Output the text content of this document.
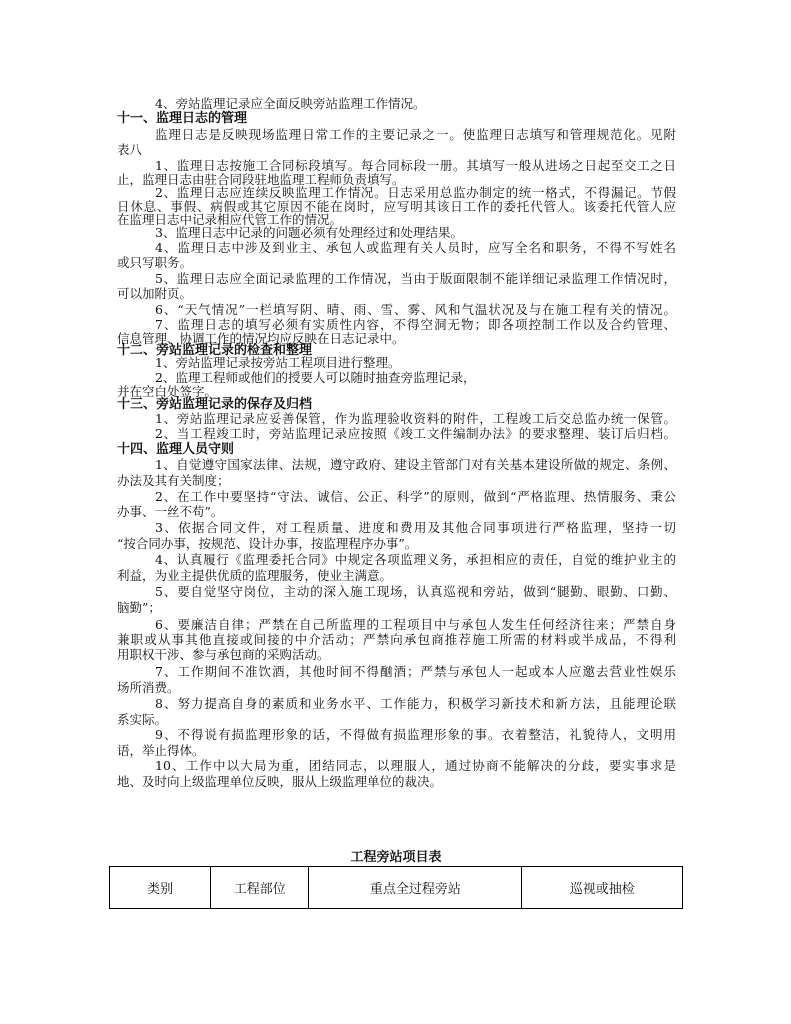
4、旁站监理记录应全面反映旁站监理工作情况。
十一、监理日志的管理
监理日志是反映现场监理日常工作的主要记录之一。使监理日志填写和管理规范化。见附
表八
1、监理日志按施工合同标段填写。每合同标段一册。其填写一般从进场之日起至交工之日
止，监理日志由驻合同段驻地监理工程师负责填写。
2、监理日志应连续反映监理工作情况。日志采用总监办制定的统一格式，不得漏记。节假
日休息、事假、病假或其它原因不能在岗时，应写明其该日工作的委托代管人。该委托代管人应
在监理日志中记录相应代管工作的情况。
3、监理日志中记录的问题必须有处理经过和处理结果。
4、监理日志中涉及到业主、承包人或监理有关人员时，应写全名和职务，不得不写姓名
或只写职务。
5、监理日志应全面记录监理的工作情况，当由于版面限制不能详细记录监理工作情况时，
可以加附页。
6、“天气情况”一栏填写阴、晴、雨、雪、雾、风和气温状况及与在施工程有关的情况。
7、监理日志的填写必须有实质性内容，不得空洞无物；即各项控制工作以及合约管理、
信息管理、协调工作的情况均应反映在日志记录中。
十二、旁站监理记录的检查和整理
1、旁站监理记录按旁站工程项目进行整理。
2、监理工程师或他们的授要人可以随时抽查旁监理记录，
并在空白处签字。
十三、旁站监理记录的保存及归档
1、旁站监理记录应妥善保管，作为监理验收资料的附件，工程竣工后交总监办统一保管。
2、当工程竣工时，旁站监理记录应按照《竣工文件编制办法》的要求整理、装订后归档。
十四、监理人员守则
1、自觉遵守国家法律、法规，遵守政府、建设主管部门对有关基本建设所做的规定、条例、
办法及其有关制度；
2、在工作中要坚持“守法、诚信、公正、科学”的原则，做到“严格监理、热情服务、秉公
办事、一丝不苟”。
3、依据合同文件，对工程质量、进度和费用及其他合同事项进行严格监理，坚持一切
“按合同办事，按规范、设计办事，按监理程序办事”。
4、认真履行《监理委托合同》中规定各项监理义务，承担相应的责任，自觉的维护业主的
利益，为业主提供优质的监理服务，使业主满意。
5、要自觉坚守岗位，主动的深入施工现场，认真巡视和旁站，做到“腿勤、眼勤、口勤、
脑勤”；
6、要廉洁自律；严禁在自己所监理的工程项目中与承包人发生任何经济往来；严禁自身
兼职或从事其他直接或间接的中介活动；严禁向承包商推荐施工所需的材料或半成品，不得利
用职权干涉、参与承包商的采购活动。
7、工作期间不准饮酒，其他时间不得酗酒；严禁与承包人一起或本人应邀去营业性娱乐
场所消费。
8、努力提高自身的素质和业务水平、工作能力，积极学习新技术和新方法，且能理论联
系实际。
9、不得说有损监理形象的话，不得做有损监理形象的事。衣着整洁，礼貌待人，文明用
语，举止得体。
10、工作中以大局为重，团结同志，以理服人，通过协商不能解决的分歧，要实事求是
地、及时向上级监理单位反映，服从上级监理单位的裁决。
工程旁站项目表
类别	工程部位	重点全过程旁站	巡视或抽检
